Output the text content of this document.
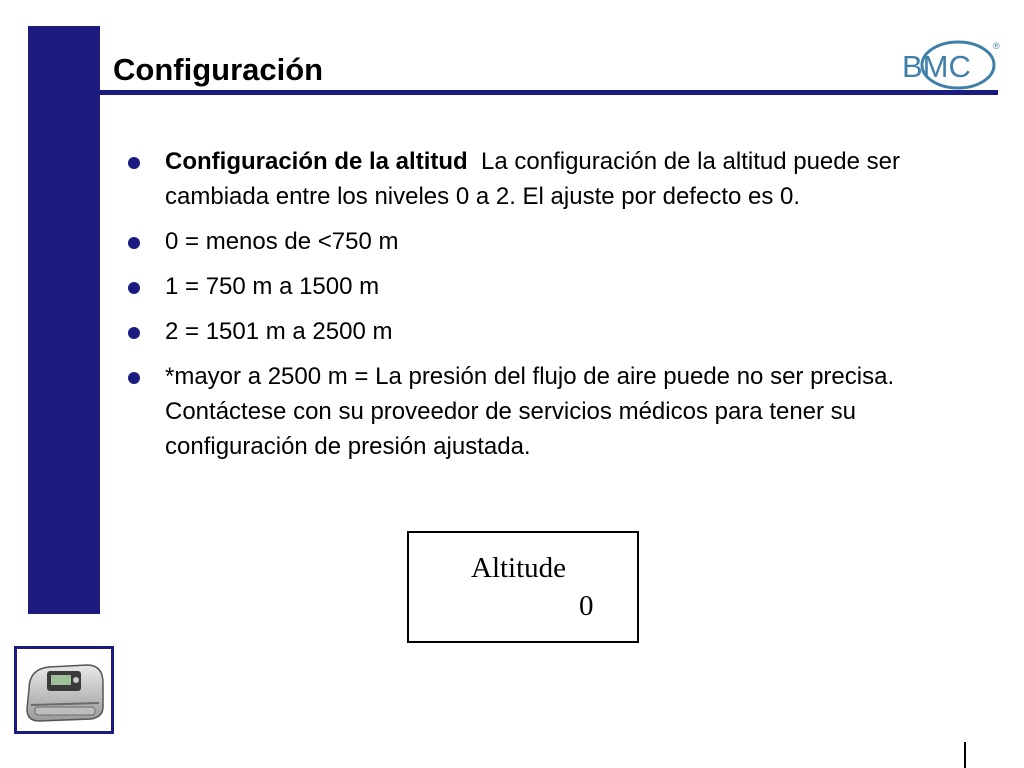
Configuración	BMC
®
Configuración de la altitud  La configuración de la altitud puede ser cambiada entre los niveles 0 a 2. El ajuste por defecto es 0.
0 = menos de <750 m
1 = 750 m a 1500 m
2 = 1501 m a 2500 m
*mayor a 2500 m = La presión del flujo de aire puede no ser precisa. Contáctese con su proveedor de servicios médicos para tener su configuración de presión ajustada.
Altitude
0
